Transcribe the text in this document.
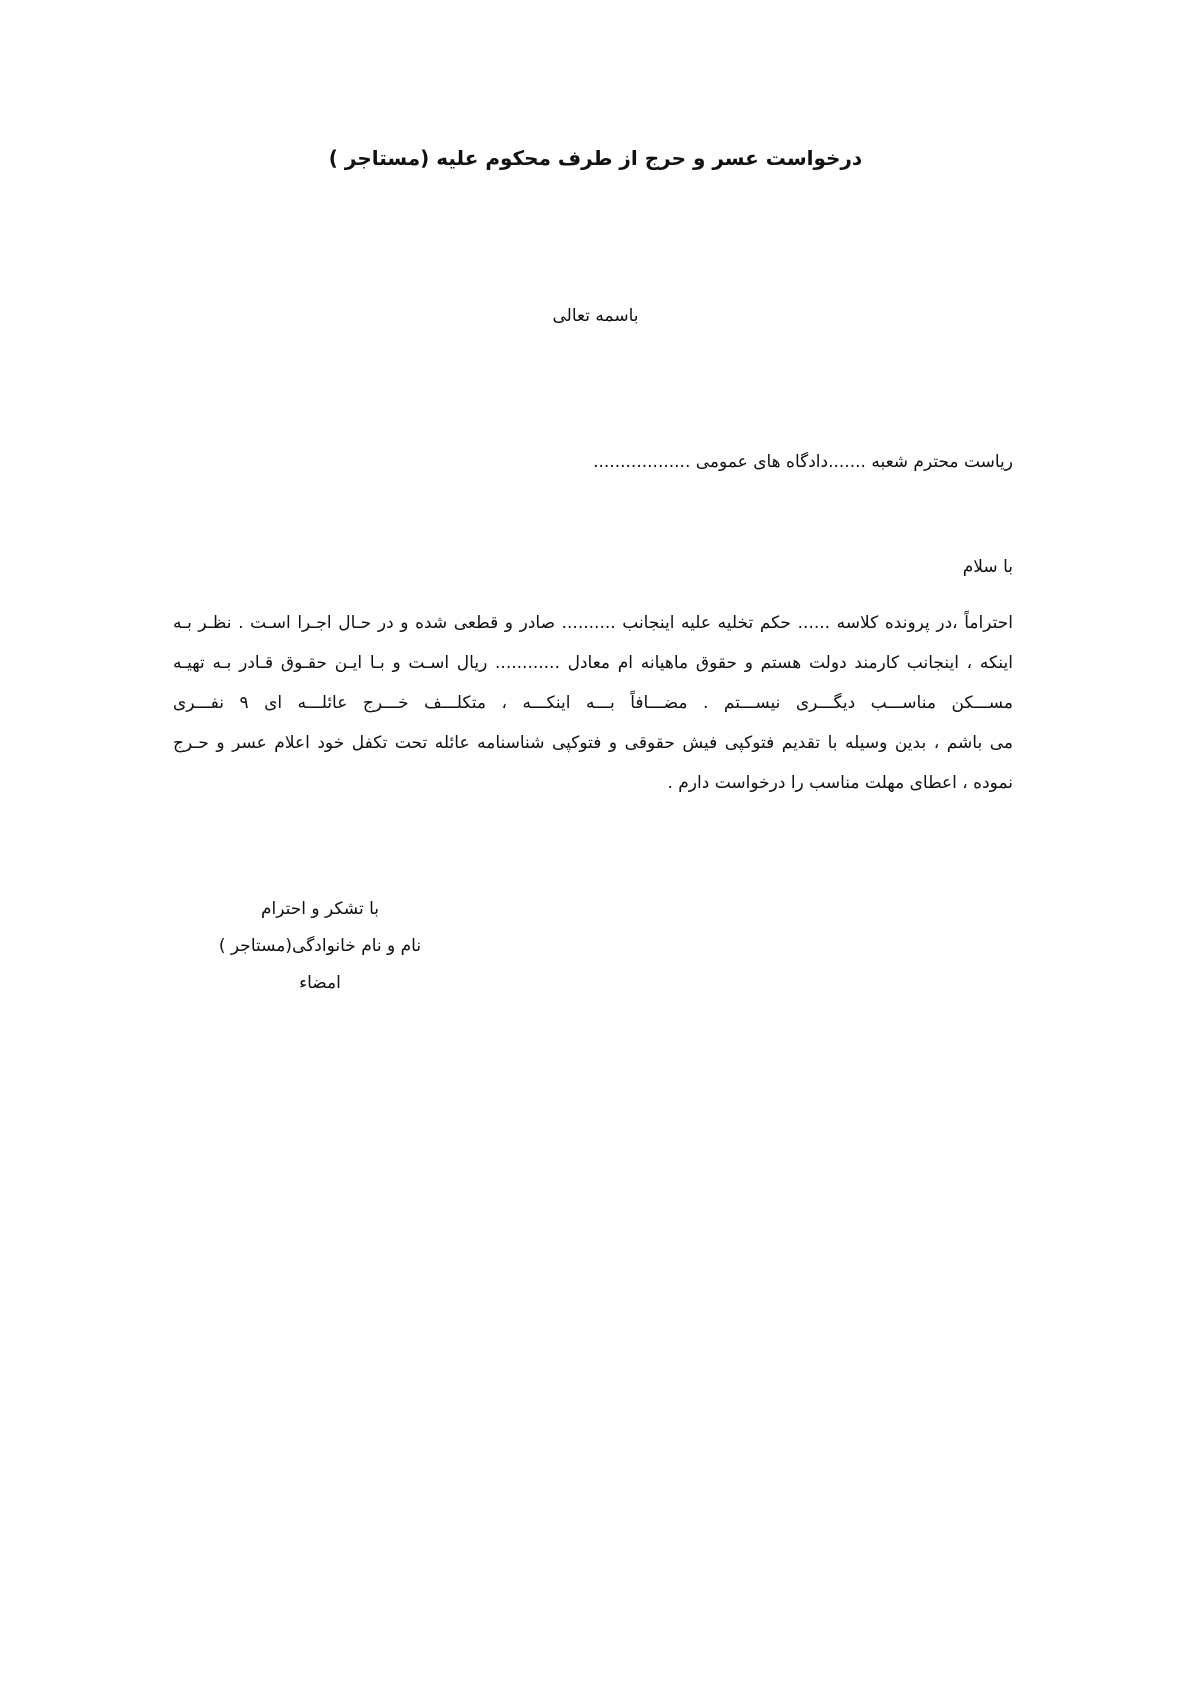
درخواست عسر و حرج از طرف محکوم علیه (مستاجر )
باسمه تعالی
ریاست محترم شعبه .......دادگاه های عمومی ..................
با سلام
احتراماً ،در پرونده کلاسه ...... حکم تخلیه علیه اینجانب .......... صادر و قطعی شده و در حـال اجـرا اسـت . نظـر بـه
اینکه ، اینجانب کارمند دولت هستم و حقوق ماهیانه ام معادل ............ ریال اسـت و بـا ایـن حقـوق قـادر بـه تهیـه
مســـکن مناســـب دیگـــری نیســـتم . مضـــافاً بـــه اینکـــه ، متکلـــف خـــرج عائلـــه ای ۹ نفـــری
می باشم ، بدین وسیله با تقدیم فتوکپی فیش حقوقی و فتوکپی شناسنامه عائله تحت تکفل خود اعلام عسر و حـرج
نموده ، اعطای مهلت مناسب را درخواست دارم .
با تشکر و احترام
نام و نام خانوادگی(مستاجر )
امضاء
